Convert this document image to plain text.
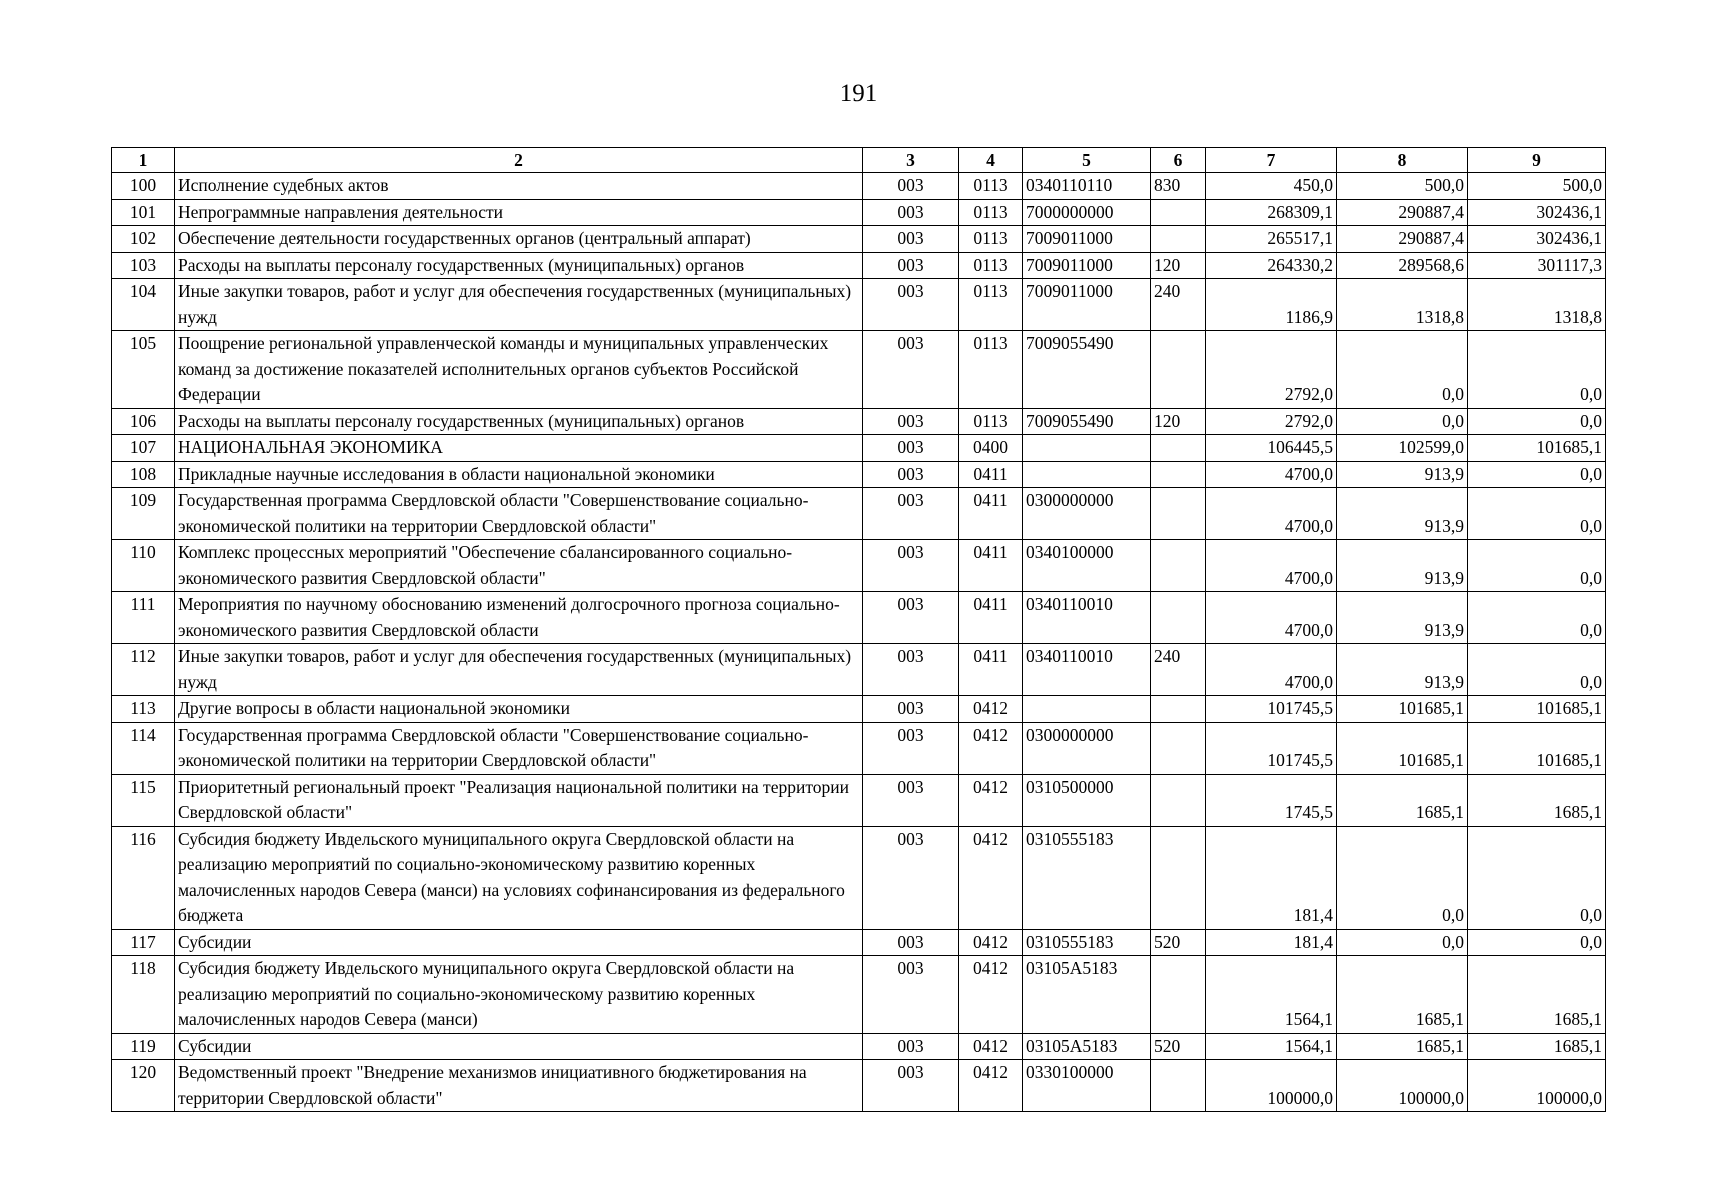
191
1	2	3	4	5	6	7	8	9
100	Исполнение судебных актов	003	0113	0340110110	830	450,0	500,0	500,0
101	Непрограммные направления деятельности	003	0113	7000000000		268309,1	290887,4	302436,1
102	Обеспечение деятельности государственных органов (центральный аппарат)	003	0113	7009011000		265517,1	290887,4	302436,1
103	Расходы на выплаты персоналу государственных (муниципальных) органов	003	0113	7009011000	120	264330,2	289568,6	301117,3
104	Иные закупки товаров, работ и услуг для обеспечения государственных (муниципальных) нужд	003	0113	7009011000	240	1186,9	1318,8	1318,8
105	Поощрение региональной управленческой команды и муниципальных управленческих команд за достижение показателей исполнительных органов субъектов Российской Федерации	003	0113	7009055490		2792,0	0,0	0,0
106	Расходы на выплаты персоналу государственных (муниципальных) органов	003	0113	7009055490	120	2792,0	0,0	0,0
107	НАЦИОНАЛЬНАЯ ЭКОНОМИКА	003	0400			106445,5	102599,0	101685,1
108	Прикладные научные исследования в области национальной экономики	003	0411			4700,0	913,9	0,0
109	Государственная программа Свердловской области "Совершенствование социально-экономической политики на территории Свердловской области"	003	0411	0300000000		4700,0	913,9	0,0
110	Комплекс процессных мероприятий "Обеспечение сбалансированного социально-экономического развития Свердловской области"	003	0411	0340100000		4700,0	913,9	0,0
111	Мероприятия по научному обоснованию изменений долгосрочного прогноза социально-экономического развития Свердловской области	003	0411	0340110010		4700,0	913,9	0,0
112	Иные закупки товаров, работ и услуг для обеспечения государственных (муниципальных) нужд	003	0411	0340110010	240	4700,0	913,9	0,0
113	Другие вопросы в области национальной экономики	003	0412			101745,5	101685,1	101685,1
114	Государственная программа Свердловской области "Совершенствование социально-экономической политики на территории Свердловской области"	003	0412	0300000000		101745,5	101685,1	101685,1
115	Приоритетный региональный проект "Реализация национальной политики на территории Свердловской области"	003	0412	0310500000		1745,5	1685,1	1685,1
116	Субсидия бюджету Ивдельского муниципального округа Свердловской области на реализацию мероприятий по социально-экономическому развитию коренных малочисленных народов Севера (манси) на условиях софинансирования из федерального бюджета	003	0412	0310555183		181,4	0,0	0,0
117	Субсидии	003	0412	0310555183	520	181,4	0,0	0,0
118	Субсидия бюджету Ивдельского муниципального округа Свердловской области на реализацию мероприятий по социально-экономическому развитию коренных малочисленных народов Севера (манси)	003	0412	03105A5183		1564,1	1685,1	1685,1
119	Субсидии	003	0412	03105A5183	520	1564,1	1685,1	1685,1
120	Ведомственный проект "Внедрение механизмов инициативного бюджетирования на территории Свердловской области"	003	0412	0330100000		100000,0	100000,0	100000,0
